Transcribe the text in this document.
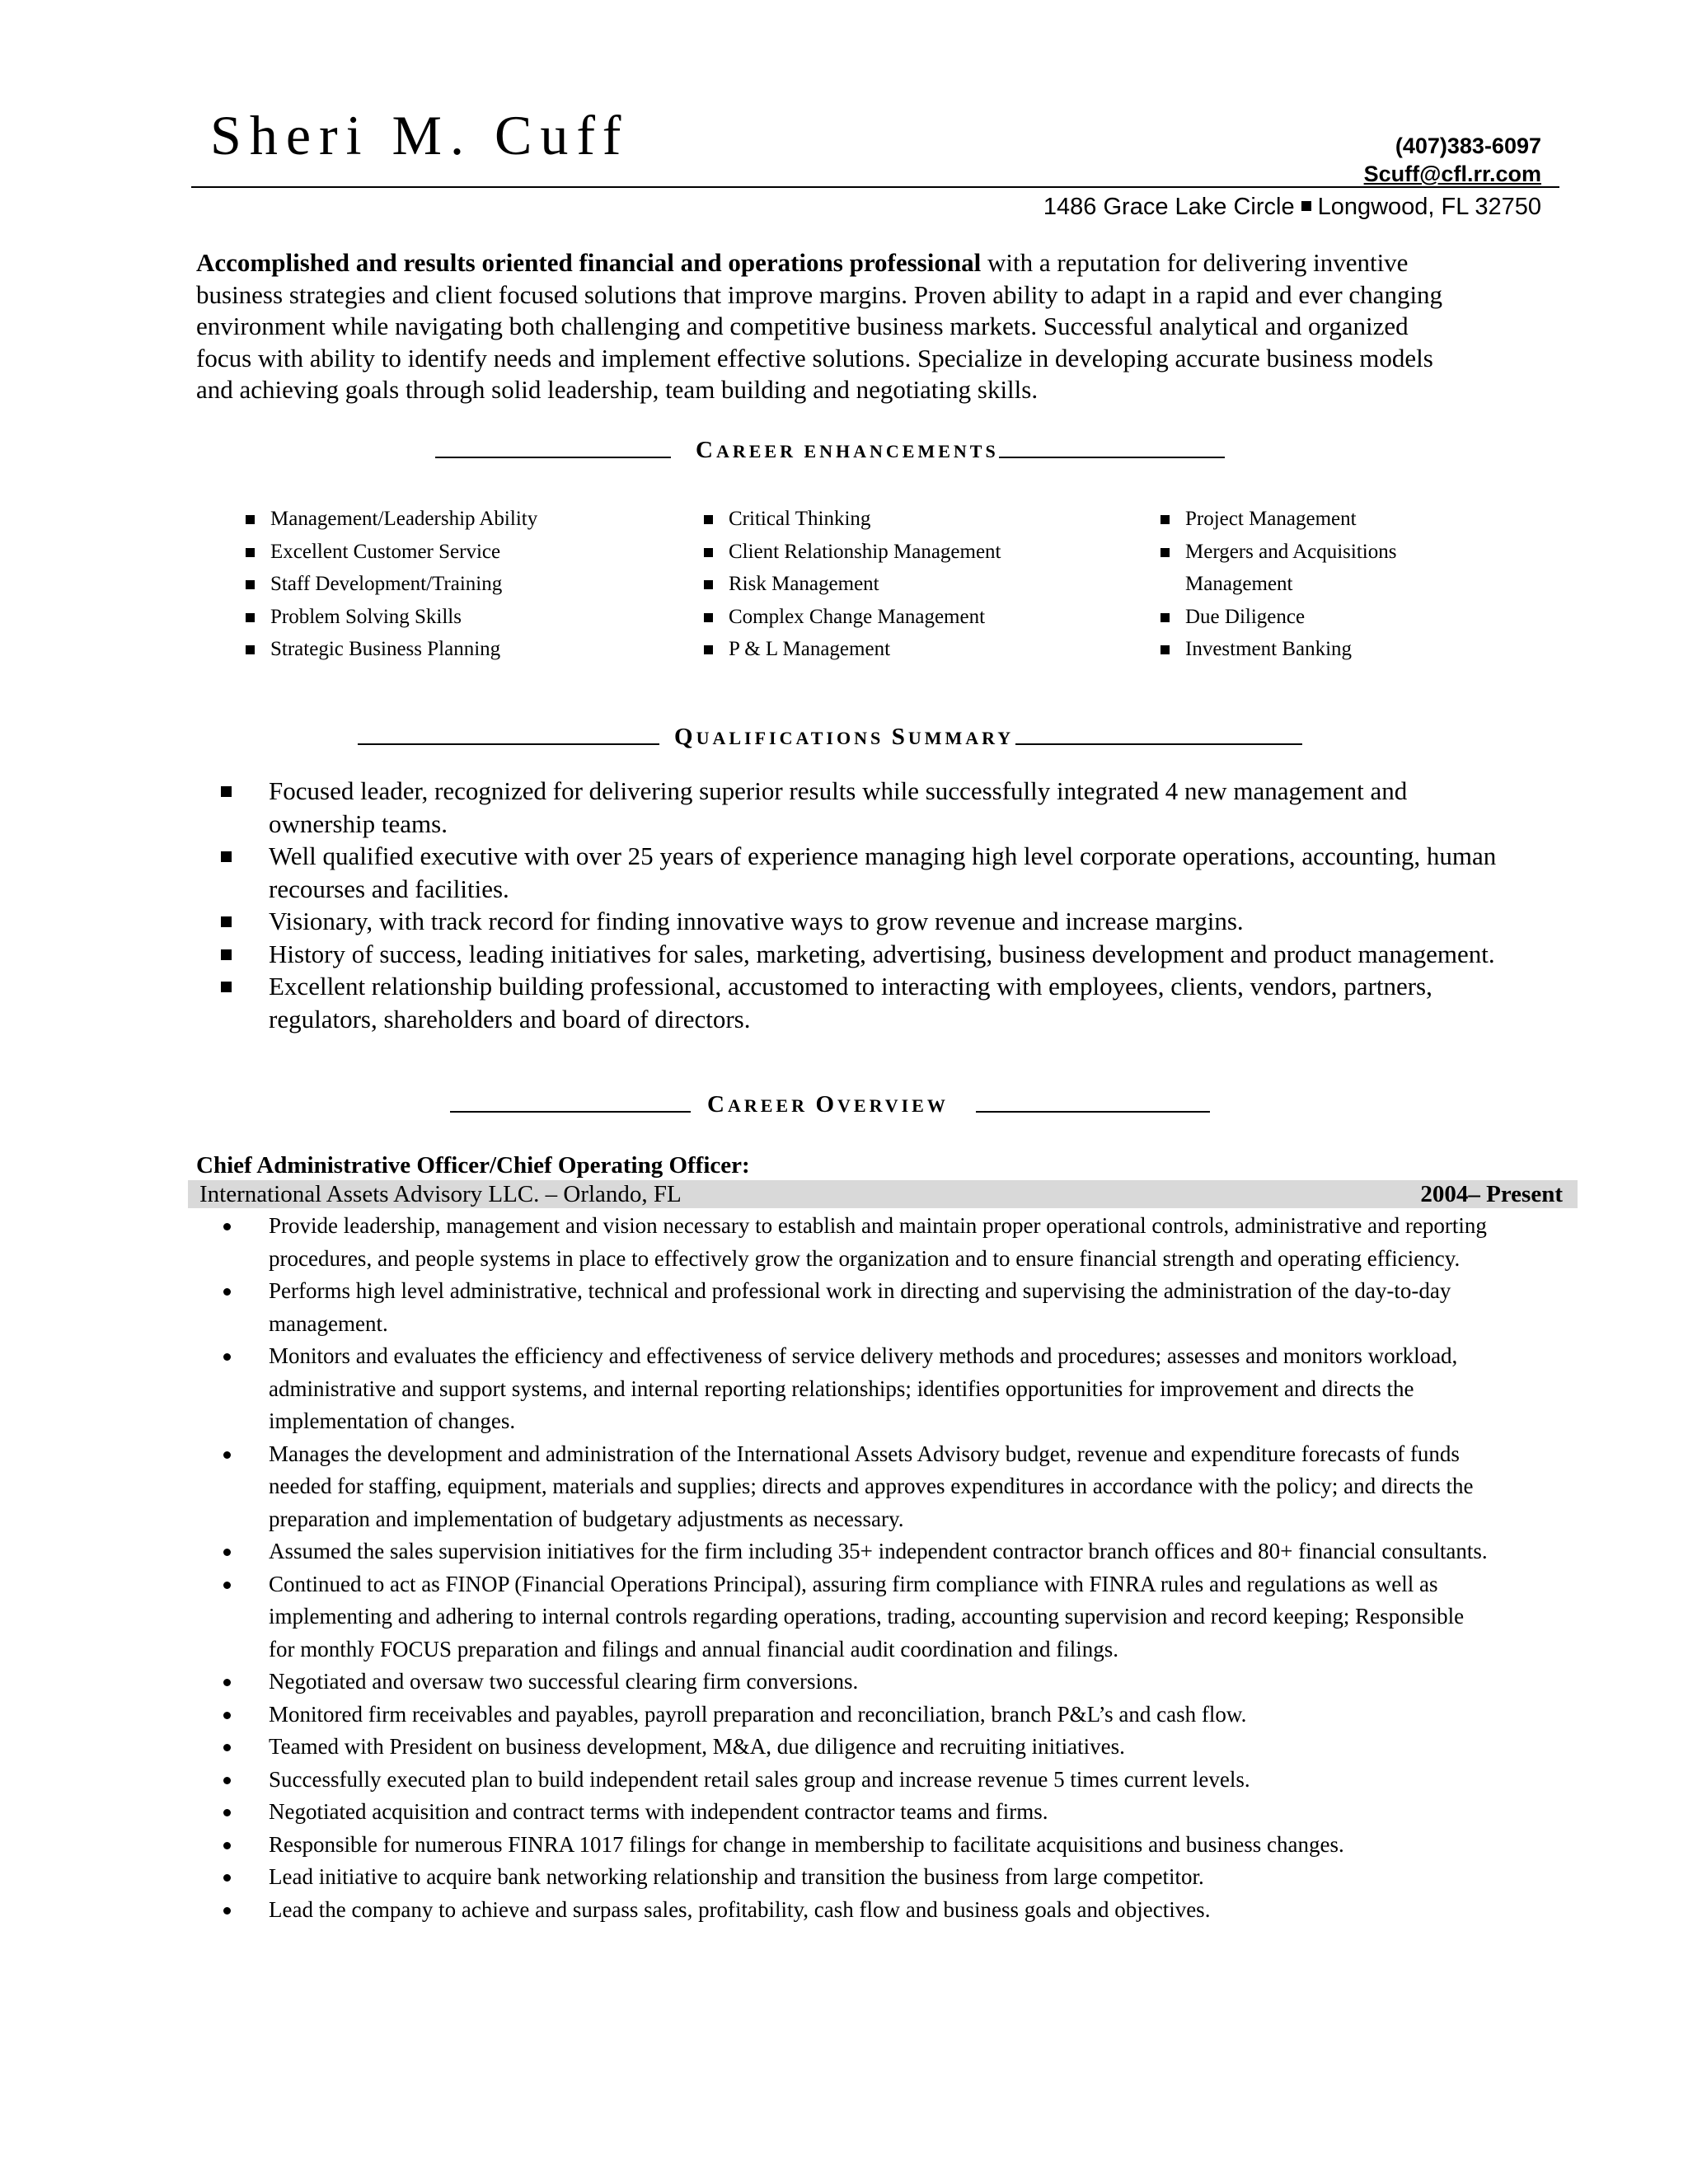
Sheri M. Cuff	(407)383-6097
Scuff@cfl.rr.com
1486 Grace Lake Circle Longwood, FL 32750
Accomplished and results oriented financial and operations professional with a reputation for delivering inventive business strategies and client focused solutions that improve margins. Proven ability to adapt in a rapid and ever changing environment while navigating both challenging and competitive business markets. Successful analytical and organized focus with ability to identify needs and implement effective solutions. Specialize in developing accurate business models and achieving goals through solid leadership, team building and negotiating skills.
CAREER ENHANCEMENTS
Management/Leadership Ability
Excellent Customer Service
Staff Development/Training
Problem Solving Skills
Strategic Business Planning
Critical Thinking
Client Relationship Management
Risk Management
Complex Change Management
P & L Management
Project Management
Mergers and Acquisitions
Management
Due Diligence
Investment Banking
QUALIFICATIONS SUMMARY
Focused leader, recognized for delivering superior results while successfully integrated 4 new management and ownership teams.
Well qualified executive with over 25 years of experience managing high level corporate operations, accounting, human recourses and facilities.
Visionary, with track record for finding innovative ways to grow revenue and increase margins.
History of success, leading initiatives for sales, marketing, advertising, business development and product management.
Excellent relationship building professional, accustomed to interacting with employees, clients, vendors, partners, regulators, shareholders and board of directors.
CAREER OVERVIEW
Chief Administrative Officer/Chief Operating Officer:
International Assets Advisory LLC. – Orlando, FL	2004– Present
Provide leadership, management and vision necessary to establish and maintain proper operational controls, administrative and reporting procedures, and people systems in place to effectively grow the organization and to ensure financial strength and operating efficiency.
Performs high level administrative, technical and professional work in directing and supervising the administration of the day-to-day management.
Monitors and evaluates the efficiency and effectiveness of service delivery methods and procedures; assesses and monitors workload, administrative and support systems, and internal reporting relationships; identifies opportunities for improvement and directs the implementation of changes.
Manages the development and administration of the International Assets Advisory budget, revenue and expenditure forecasts of funds needed for staffing, equipment, materials and supplies; directs and approves expenditures in accordance with the policy; and directs the preparation and implementation of budgetary adjustments as necessary.
Assumed the sales supervision initiatives for the firm including 35+ independent contractor branch offices and 80+ financial consultants.
Continued to act as FINOP (Financial Operations Principal), assuring firm compliance with FINRA rules and regulations as well as implementing and adhering to internal controls regarding operations, trading, accounting supervision and record keeping; Responsible for monthly FOCUS preparation and filings and annual financial audit coordination and filings.
Negotiated and oversaw two successful clearing firm conversions.
Monitored firm receivables and payables, payroll preparation and reconciliation, branch P&L’s and cash flow.
Teamed with President on business development, M&A, due diligence and recruiting initiatives.
Successfully executed plan to build independent retail sales group and increase revenue 5 times current levels.
Negotiated acquisition and contract terms with independent contractor teams and firms.
Responsible for numerous FINRA 1017 filings for change in membership to facilitate acquisitions and business changes.
Lead initiative to acquire bank networking relationship and transition the business from large competitor.
Lead the company to achieve and surpass sales, profitability, cash flow and business goals and objectives.
